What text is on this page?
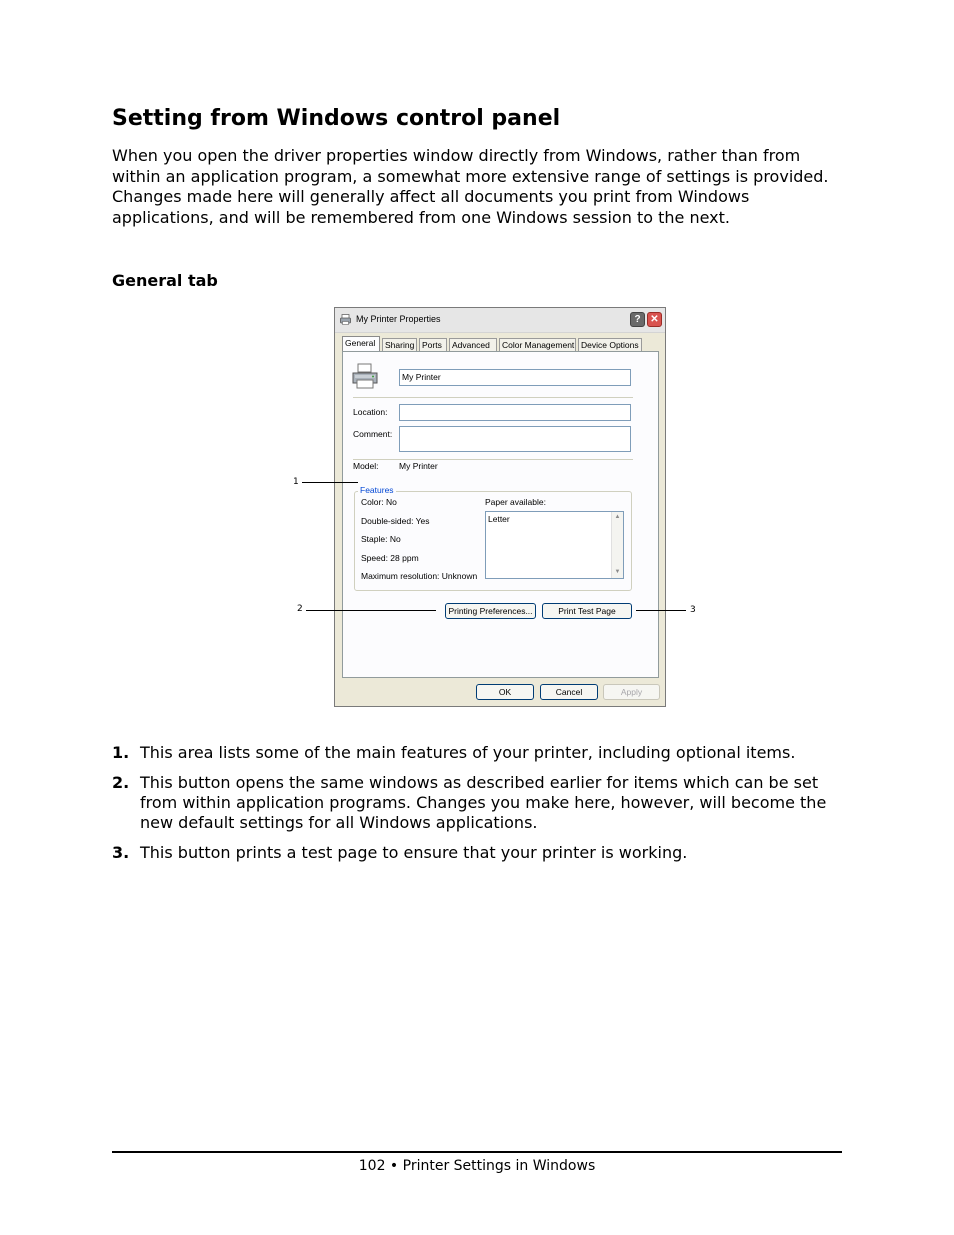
Setting from Windows control panel

When you open the driver properties window directly from Windows, rather than from within an application program, a somewhat more extensive range of settings is provided. Changes made here will generally affect all documents you print from Windows applications, and will be remembered from one Windows session to the next.

General tab
My Printer Properties	? ✕
General	Sharing Ports	Advanced	Color Management Device Options
My Printer
Location:
Comment:
Model: My Printer
Features
Color: No
Double-sided: Yes
Staple: No
Speed: 28 ppm
Maximum resolution: Unknown
Paper available:
Letter	▲
▼
Printing Preferences...	Print Test Page
OK	Cancel	Apply
1
2	3
1. This area lists some of the main features of your printer, including optional items.
2. This button opens the same windows as described earlier for items which can be set from within application programs. Changes you make here, however, will become the new default settings for all Windows applications.
3. This button prints a test page to ensure that your printer is working.
102 • Printer Settings in Windows
